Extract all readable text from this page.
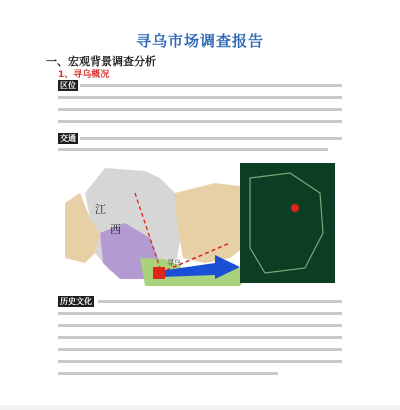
寻乌市场调查报告
一、宏观背景调查分析
1、寻乌概况
区位
交通
江
西
寻乌
历史文化
